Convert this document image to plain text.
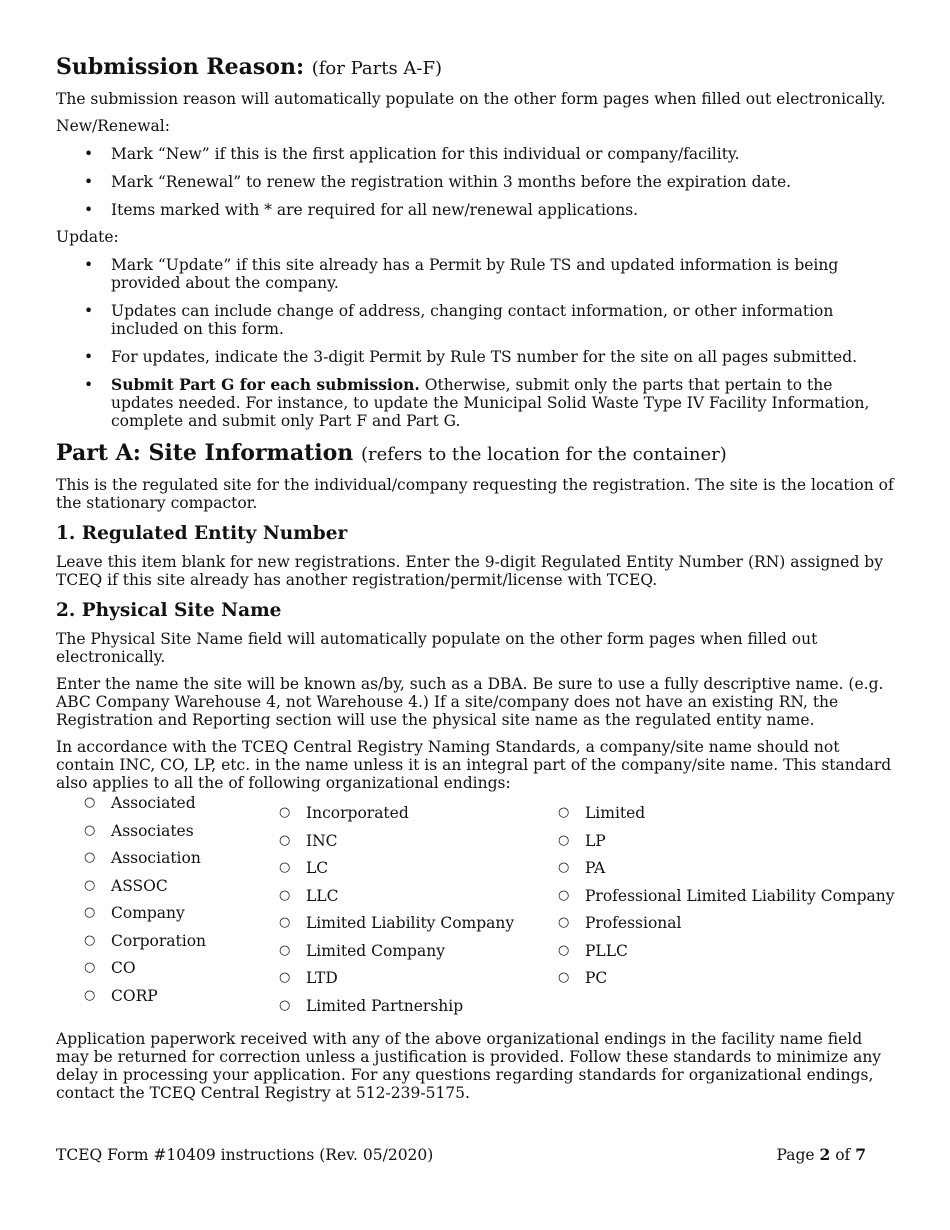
Submission Reason: (for Parts A-F)

The submission reason will automatically populate on the other form pages when filled out electronically.

New/Renewal:

• Mark “New” if this is the first application for this individual or company/facility.
• Mark “Renewal” to renew the registration within 3 months before the expiration date.
• Items marked with * are required for all new/renewal applications.

Update:

• Mark “Update” if this site already has a Permit by Rule TS and updated information is being provided about the company.
• Updates can include change of address, changing contact information, or other information included on this form.
• For updates, indicate the 3-digit Permit by Rule TS number for the site on all pages submitted.
• Submit Part G for each submission. Otherwise, submit only the parts that pertain to the updates needed. For instance, to update the Municipal Solid Waste Type IV Facility Information, complete and submit only Part F and Part G.
Part A: Site Information (refers to the location for the container)

This is the regulated site for the individual/company requesting the registration. The site is the location of the stationary compactor.

1. Regulated Entity Number

Leave this item blank for new registrations. Enter the 9-digit Regulated Entity Number (RN) assigned by TCEQ if this site already has another registration/permit/license with TCEQ.

2. Physical Site Name

The Physical Site Name field will automatically populate on the other form pages when filled out electronically.

Enter the name the site will be known as/by, such as a DBA. Be sure to use a fully descriptive name. (e.g. ABC Company Warehouse 4, not Warehouse 4.) If a site/company does not have an existing RN, the Registration and Reporting section will use the physical site name as the regulated entity name.

In accordance with the TCEQ Central Registry Naming Standards, a company/site name should not contain INC, CO, LP, etc. in the name unless it is an integral part of the company/site name. This standard also applies to all the of following organizational endings:

○ Associated
○ Associates
○ Association
○ ASSOC
○ Company
○ Corporation
○ CO
○ CORP
○ Incorporated
○ INC
○ LC
○ LLC
○ Limited Liability Company
○ Limited Company
○ LTD
○ Limited Partnership
○ Limited
○ LP
○ PA
○ Professional Limited Liability Company
○ Professional
○ PLLC
○ PC

Application paperwork received with any of the above organizational endings in the facility name field may be returned for correction unless a justification is provided. Follow these standards to minimize any delay in processing your application. For any questions regarding standards for organizational endings, contact the TCEQ Central Registry at 512-239-5175.

TCEQ Form #10409 instructions (Rev. 05/2020)	Page 2 of 7
